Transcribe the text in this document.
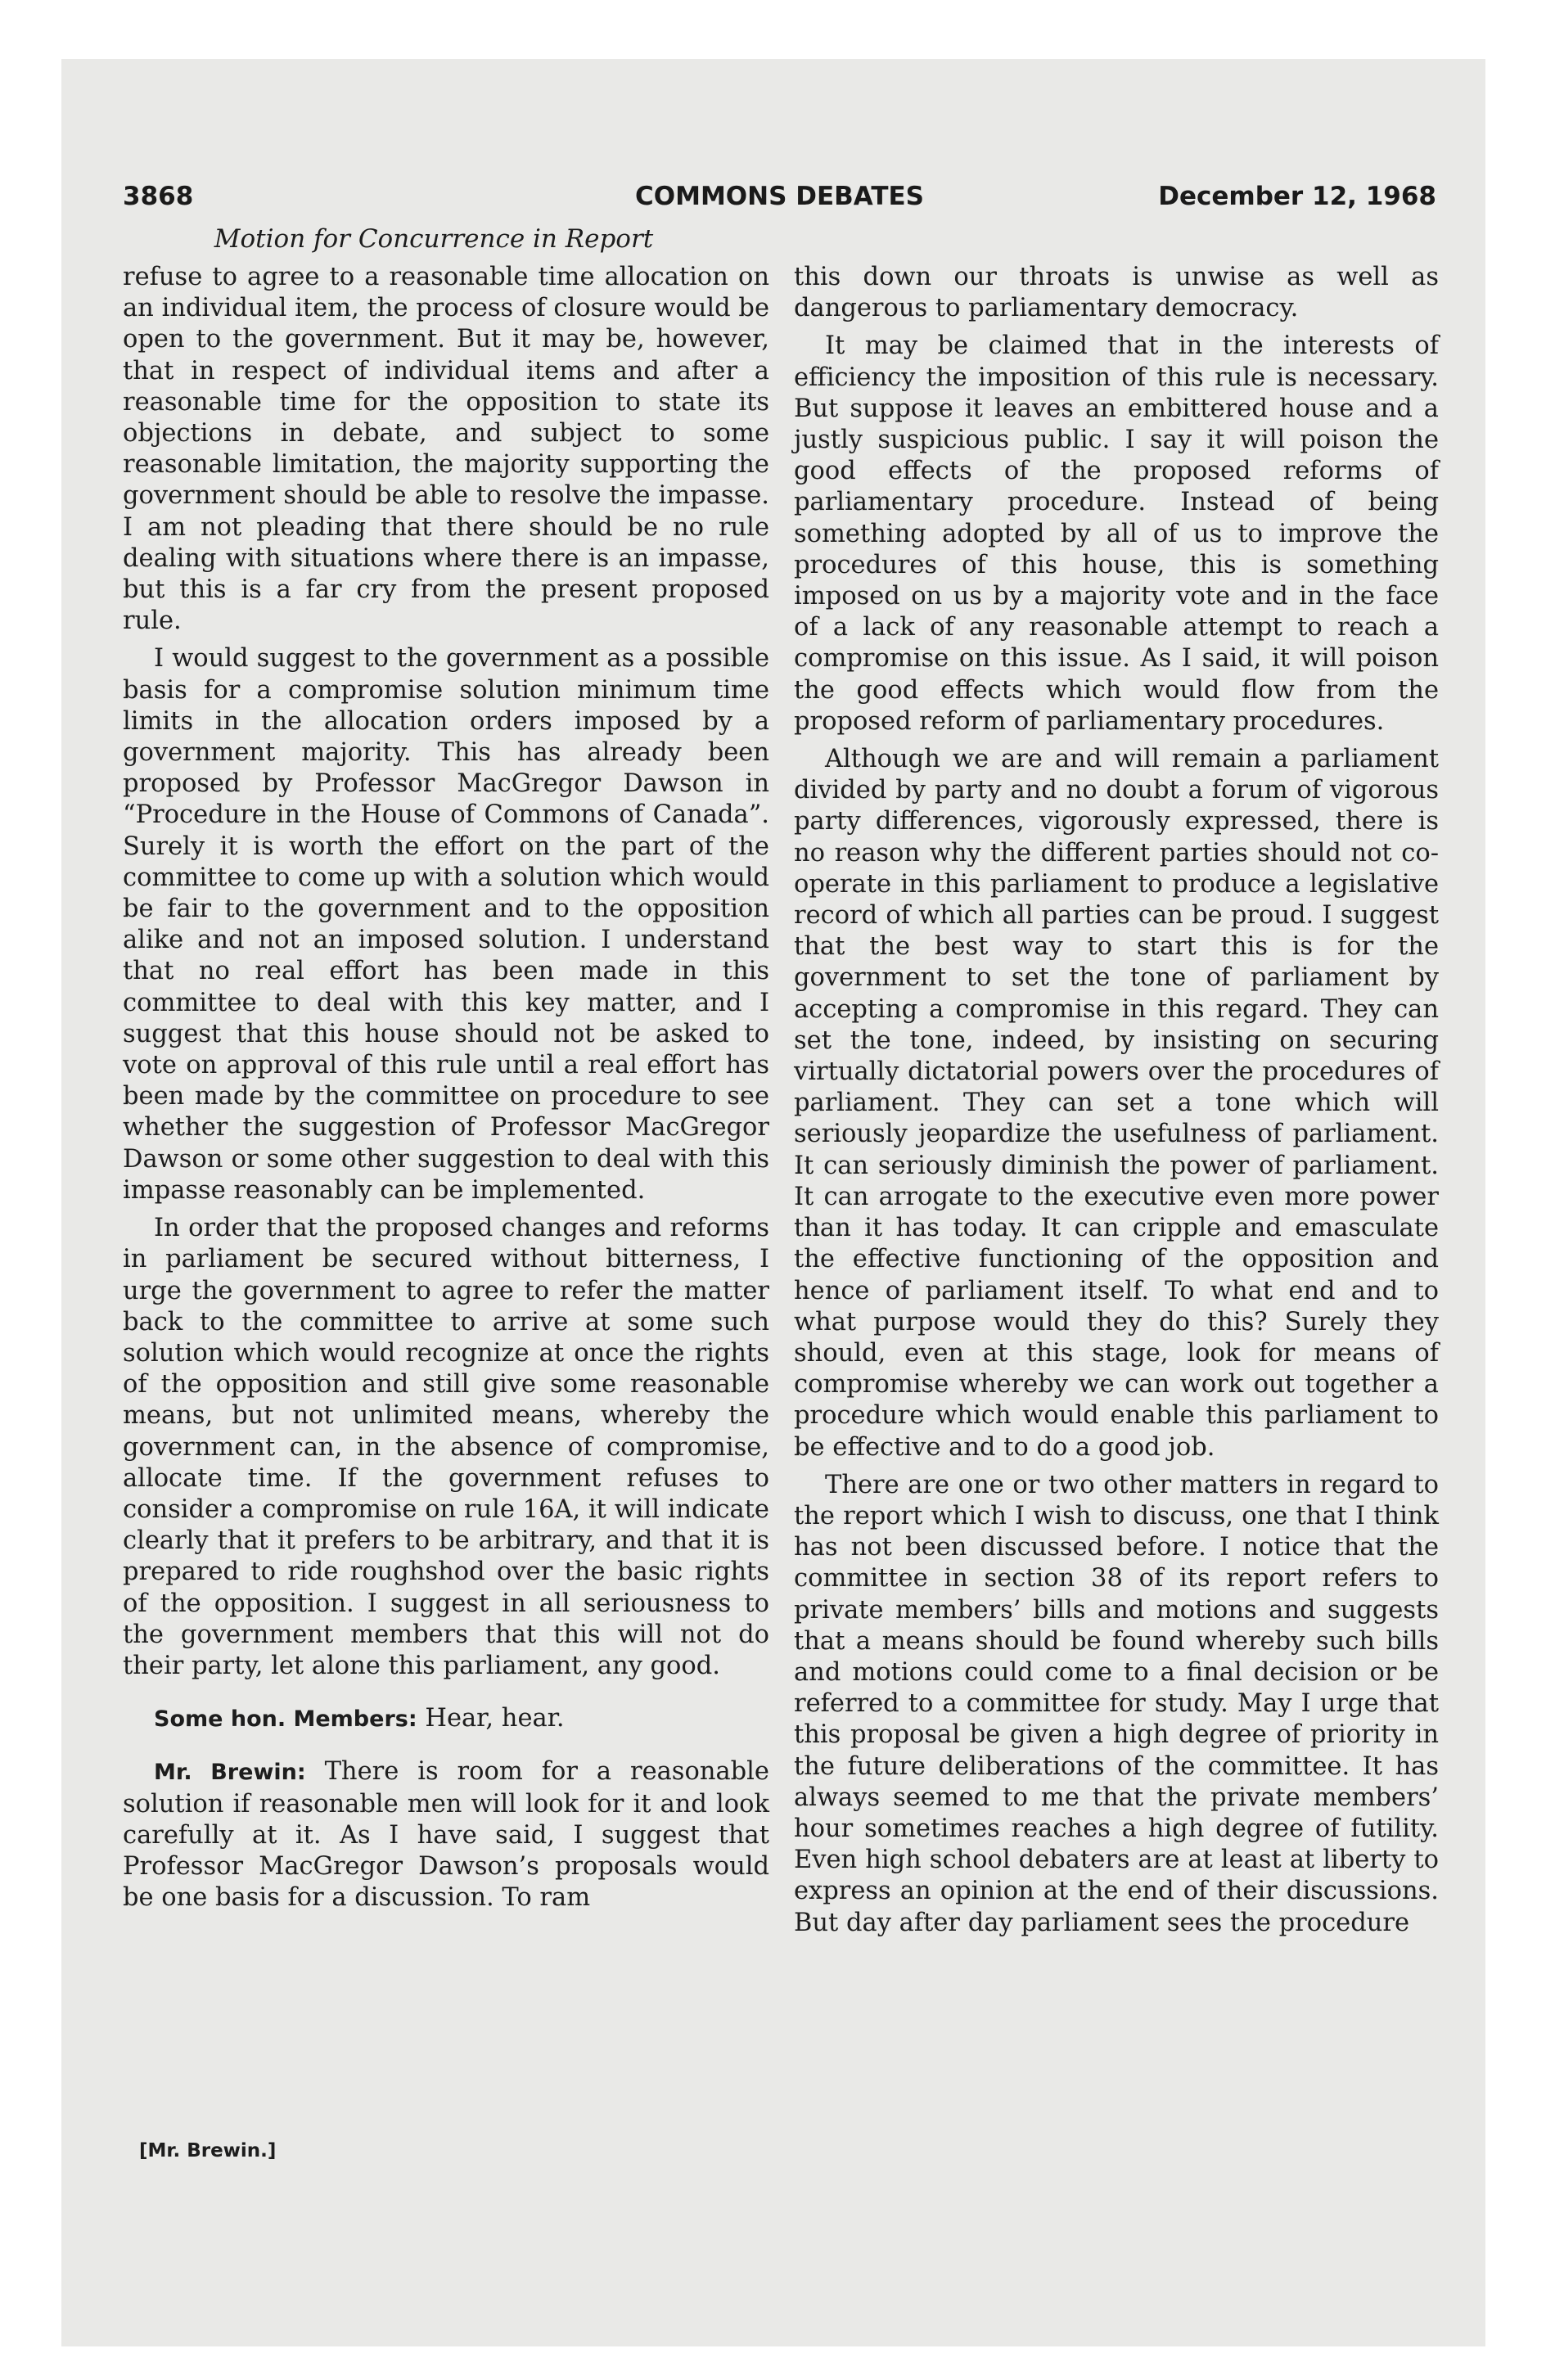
3868	COMMONS DEBATES	December 12, 1968
Motion for Concurrence in Report

refuse to agree to a reasonable time allocation on an individual item, the process of closure would be open to the government. But it may be, however, that in respect of individual items and after a reasonable time for the opposition to state its objections in debate, and subject to some reasonable limitation, the majority supporting the government should be able to resolve the impasse. I am not pleading that there should be no rule dealing with situations where there is an impasse, but this is a far cry from the present proposed rule.

I would suggest to the government as a possible basis for a compromise solution minimum time limits in the allocation orders imposed by a government majority. This has already been proposed by Professor MacGregor Dawson in “Procedure in the House of Commons of Canada”. Surely it is worth the effort on the part of the committee to come up with a solution which would be fair to the government and to the opposition alike and not an imposed solution. I understand that no real effort has been made in this committee to deal with this key matter, and I suggest that this house should not be asked to vote on approval of this rule until a real effort has been made by the committee on procedure to see whether the suggestion of Professor MacGregor Dawson or some other suggestion to deal with this impasse reasonably can be implemented.

In order that the proposed changes and reforms in parliament be secured without bitterness, I urge the government to agree to refer the matter back to the committee to arrive at some such solution which would recognize at once the rights of the opposition and still give some reasonable means, but not unlimited means, whereby the government can, in the absence of compromise, allocate time. If the government refuses to consider a compromise on rule 16A, it will indicate clearly that it prefers to be arbitrary, and that it is prepared to ride roughshod over the basic rights of the opposition. I suggest in all seriousness to the government members that this will not do their party, let alone this parliament, any good.

Some hon. Members: Hear, hear.

Mr. Brewin: There is room for a reasonable solution if reasonable men will look for it and look carefully at it. As I have said, I suggest that Professor MacGregor Dawson’s proposals would be one basis for a discussion. To ram

this down our throats is unwise as well as dangerous to parliamentary democracy.

It may be claimed that in the interests of efficiency the imposition of this rule is necessary. But suppose it leaves an embittered house and a justly suspicious public. I say it will poison the good effects of the proposed reforms of parliamentary procedure. Instead of being something adopted by all of us to improve the procedures of this house, this is something imposed on us by a majority vote and in the face of a lack of any reasonable attempt to reach a compromise on this issue. As I said, it will poison the good effects which would flow from the proposed reform of parliamentary procedures.

Although we are and will remain a parliament divided by party and no doubt a forum of vigorous party differences, vigorously expressed, there is no reason why the different parties should not co-operate in this parliament to produce a legislative record of which all parties can be proud. I suggest that the best way to start this is for the government to set the tone of parliament by accepting a compromise in this regard. They can set the tone, indeed, by insisting on securing virtually dictatorial powers over the procedures of parliament. They can set a tone which will seriously jeopardize the usefulness of parliament. It can seriously diminish the power of parliament. It can arrogate to the executive even more power than it has today. It can cripple and emasculate the effective functioning of the opposition and hence of parliament itself. To what end and to what purpose would they do this? Surely they should, even at this stage, look for means of compromise whereby we can work out together a procedure which would enable this parliament to be effective and to do a good job.

There are one or two other matters in regard to the report which I wish to discuss, one that I think has not been discussed before. I notice that the committee in section 38 of its report refers to private members’ bills and motions and suggests that a means should be found whereby such bills and motions could come to a final decision or be referred to a committee for study. May I urge that this proposal be given a high degree of priority in the future deliberations of the committee. It has always seemed to me that the private members’ hour sometimes reaches a high degree of futility. Even high school debaters are at least at liberty to express an opinion at the end of their discussions. But day after day parliament sees the procedure

[Mr. Brewin.]
